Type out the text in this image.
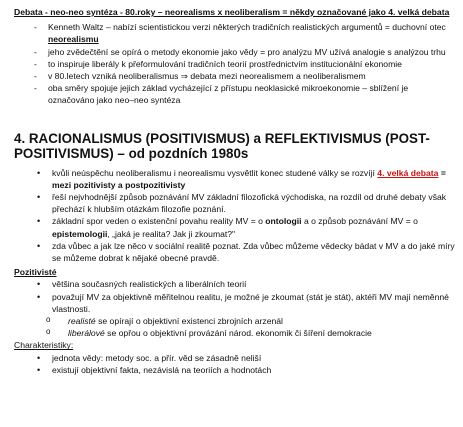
Debata - neo-neo syntéza - 80.roky – neorealisms x neoliberalism = někdy označované jako 4. velká debata
- Kenneth Waltz – nabízí scientistickou verzi některých tradičních realistických argumentů = duchovní otec neorealismu
- jeho zvědečtění se opírá o metody ekonomie jako vědy = pro analýzu MV užívá analogie s analýzou trhu
- to inspiruje liberály k přeformulování tradičních teorií prostřednictvím institucionální ekonomie
- v 80.letech vzniká neoliberalismus ⇒ debata mezi neorealismem a neoliberalismem
- oba směry spojuje jejich základ vycházející z přístupu neoklasické mikroekonomie – sblížení je označováno jako neo–neo syntéza
4. RACIONALISMUS (POSITIVISMUS) a REFLEKTIVISMUS (POST-POSITIVISMUS) – od pozdních 1980s
• kvůli neúspěchu neoliberalismu i neorealismu vysvětlit konec studené války se rozvíjí 4. velká debata = mezi pozitivisty a postpozitivisty
• řeší nejvhodnější způsob poznávání MV základní filozofická východiska, na rozdíl od druhé debaty však přechází k hlubším otázkám filozofie poznání.
• základní spor veden o existenční povahu reality MV = o ontologii a o způsob poznávání MV = o epistemologii, „jaká je realita? Jak ji zkoumat?"
• zda vůbec a jak lze něco v sociální realitě poznat. Zda vůbec můžeme vědecky bádat v MV a do jaké míry se můžeme dobrat k nějaké obecné pravdě.
Pozitivisté
• většina současných realistických a liberálních teorií
• považují MV za objektivně měřitelnou realitu, je možné je zkoumat (stát je stát), aktéři MV mají neměnné vlastnosti.
o realisté se opírají o objektivní existenci zbrojních arzenál
o liberálové se opřou o objektivní provázání národ. ekonomik či šíření demokracie
Charakteristiky:
• jednota vědy: metody soc. a přír. věd se zásadně neliší
• existují objektivní fakta, nezávislá na teoriích a hodnotách
